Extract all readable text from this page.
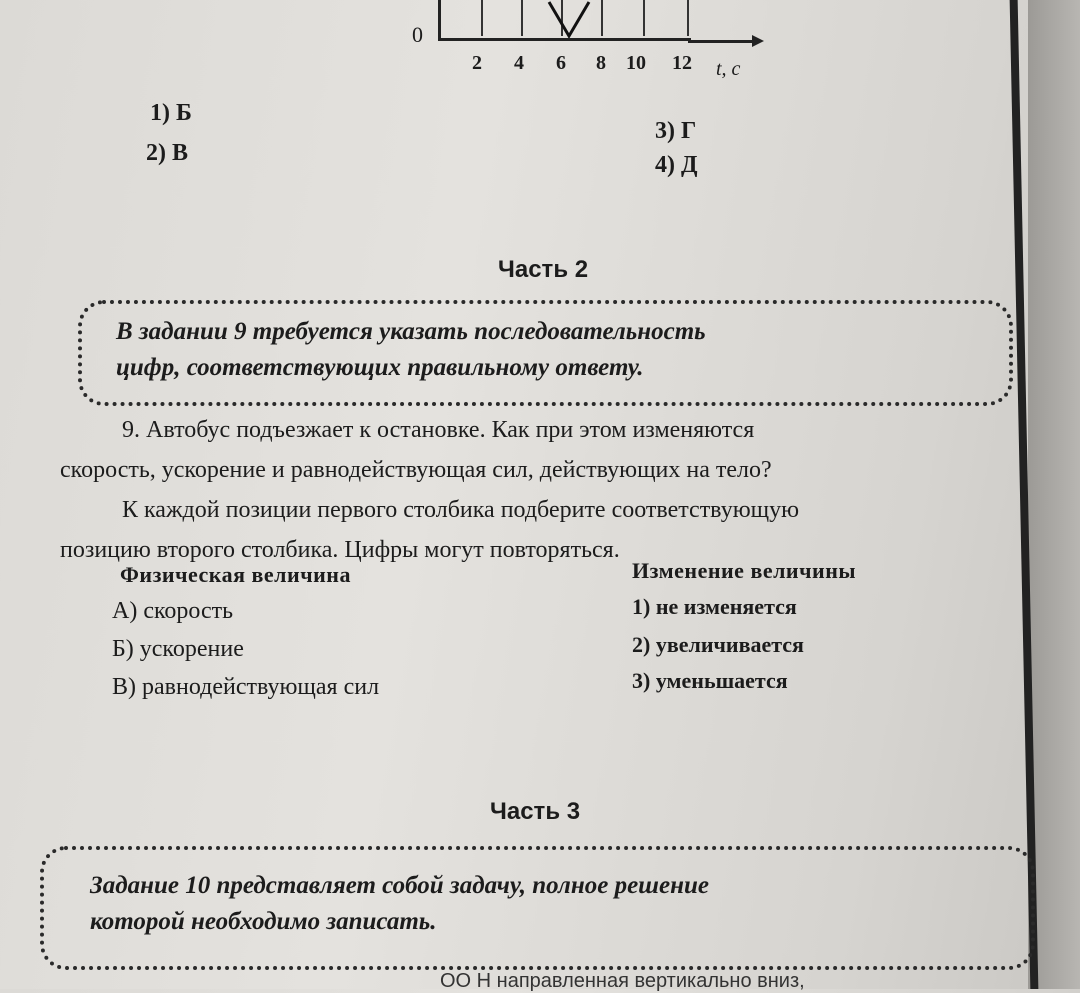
0
2 4 6 8 10 12 t, c
1) Б
2) В
3) Г
4) Д
Часть 2
В задании 9 требуется указать последовательность
цифр, соответствующих правильному ответу.

9. Автобус подъезжает к остановке. Как при этом изменяются

скорость, ускорение и равнодействующая сил, действующих на тело?

К каждой позиции первого столбика подберите соответствующую

позицию второго столбика. Цифры могут повторяться.

Физическая величина	Изменение величины
А) скорость
Б) ускорение
В) равнодействующая сил
1) не изменяется
2) увеличивается
3) уменьшается
Часть 3
Задание 10 представляет собой задачу, полное решение
которой необходимо записать.
ОО Н направленная вертикально вниз,
